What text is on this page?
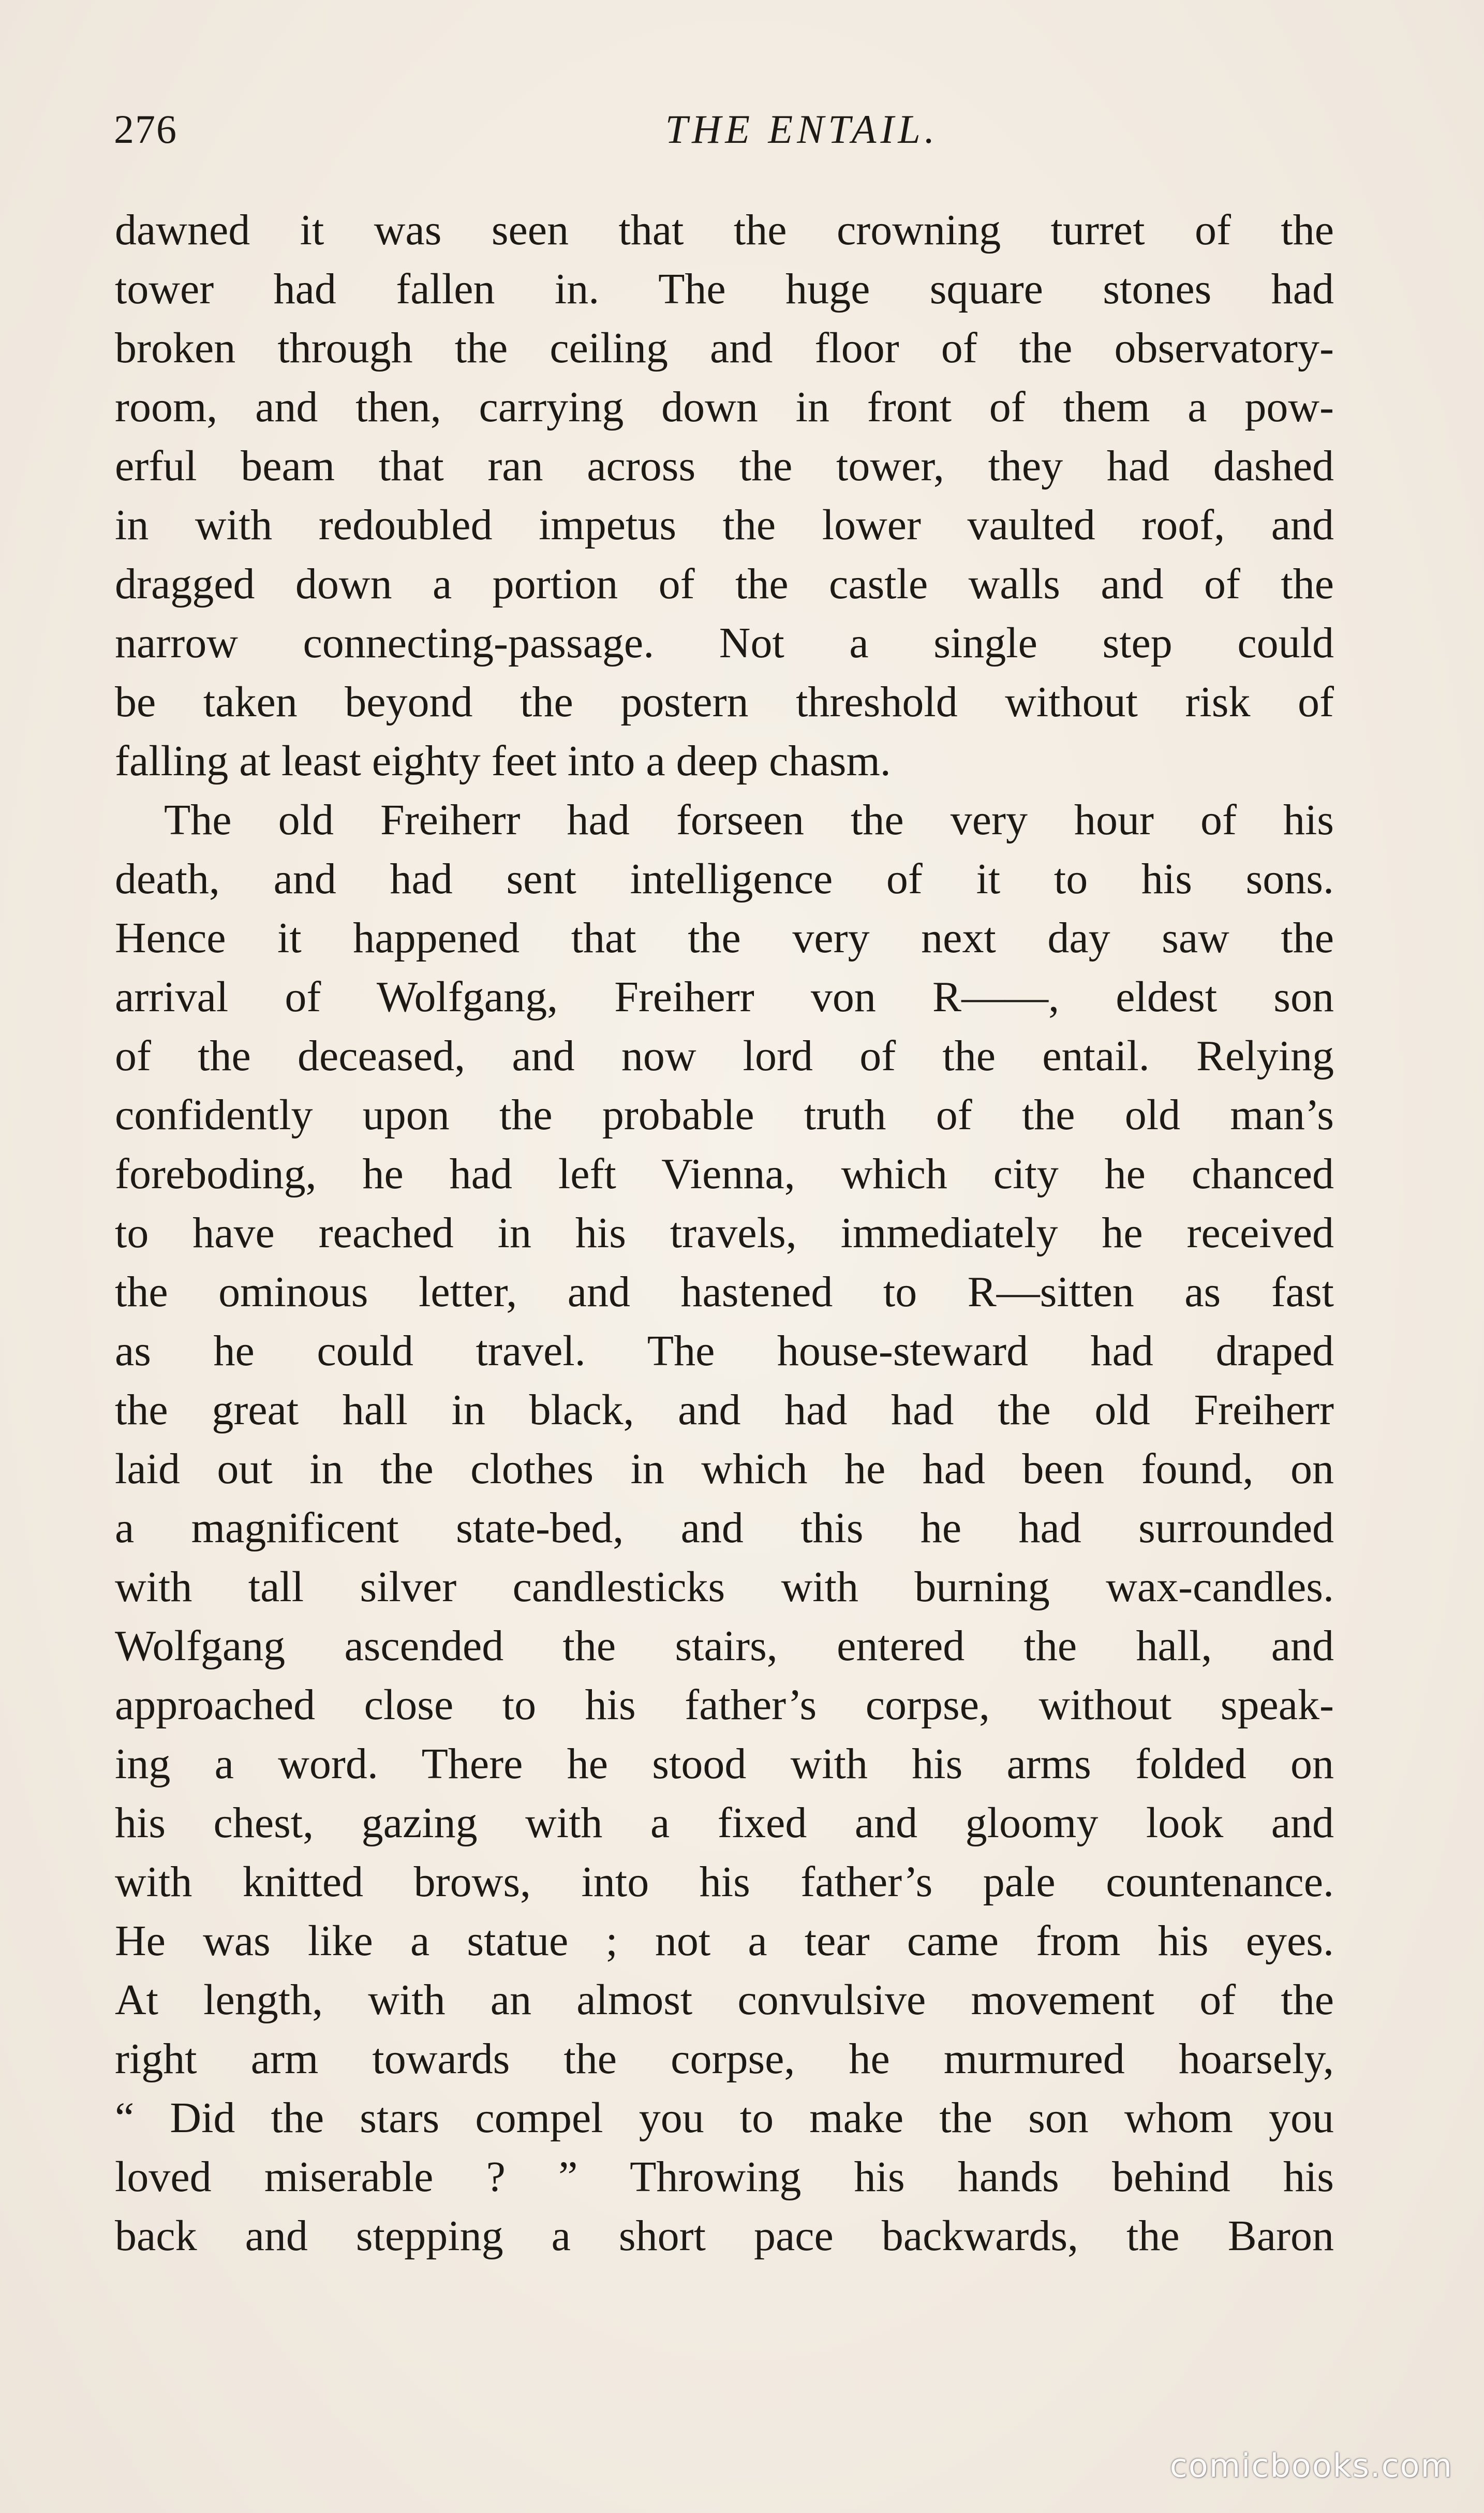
276	THE ENTAIL.
dawned it was seen that the crowning turret of the
tower had fallen in. The huge square stones had
broken through the ceiling and floor of the observatory-
room, and then, carrying down in front of them a pow-
erful beam that ran across the tower, they had dashed
in with redoubled impetus the lower vaulted roof, and
dragged down a portion of the castle walls and of the
narrow connecting-passage. Not a single step could
be taken beyond the postern threshold without risk of
falling at least eighty feet into a deep chasm.
The old Freiherr had forseen the very hour of his
death, and had sent intelligence of it to his sons.
Hence it happened that the very next day saw the
arrival of Wolfgang, Freiherr von R——, eldest son
of the deceased, and now lord of the entail. Relying
confidently upon the probable truth of the old man’s
foreboding, he had left Vienna, which city he chanced
to have reached in his travels, immediately he received
the ominous letter, and hastened to R—sitten as fast
as he could travel. The house-steward had draped
the great hall in black, and had had the old Freiherr
laid out in the clothes in which he had been found, on
a magnificent state-bed, and this he had surrounded
with tall silver candlesticks with burning wax-candles.
Wolfgang ascended the stairs, entered the hall, and
approached close to his father’s corpse, without speak-
ing a word. There he stood with his arms folded on
his chest, gazing with a fixed and gloomy look and
with knitted brows, into his father’s pale countenance.
He was like a statue ; not a tear came from his eyes.
At length, with an almost convulsive movement of the
right arm towards the corpse, he murmured hoarsely,
“ Did the stars compel you to make the son whom you
loved miserable ? ” Throwing his hands behind his
back and stepping a short pace backwards, the Baron
comicbooks.com
